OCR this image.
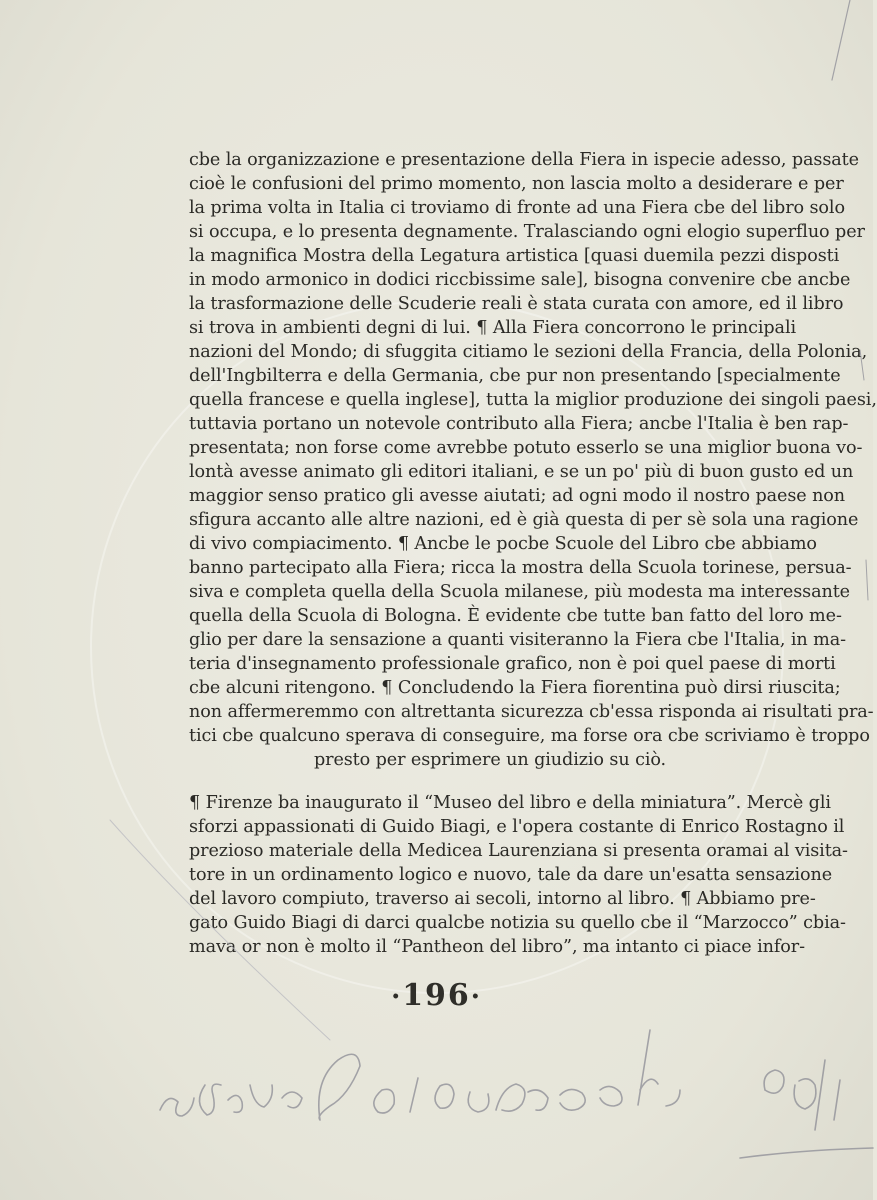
cbe la organizzazione e presentazione della Fiera in ispecie adesso, passate
cioè le confusioni del primo momento, non lascia molto a desiderare e per
la prima volta in Italia ci troviamo di fronte ad una Fiera cbe del libro solo
si occupa, e lo presenta degnamente. Tralasciando ogni elogio superfluo per
la magnifica Mostra della Legatura artistica [quasi duemila pezzi disposti
in modo armonico in dodici riccbissime sale], bisogna convenire cbe ancbe
la trasformazione delle Scuderie reali è stata curata con amore, ed il libro
si trova in ambienti degni di lui. ¶ Alla Fiera concorrono le principali
nazioni del Mondo; di sfuggita citiamo le sezioni della Francia, della Polonia,
dell'Ingbilterra e della Germania, cbe pur non presentando [specialmente
quella francese e quella inglese], tutta la miglior produzione dei singoli paesi,
tuttavia portano un notevole contributo alla Fiera; ancbe l'Italia è ben rap-
presentata; non forse come avrebbe potuto esserlo se una miglior buona vo-
lontà avesse animato gli editori italiani, e se un po' più di buon gusto ed un
maggior senso pratico gli avesse aiutati; ad ogni modo il nostro paese non
sfigura accanto alle altre nazioni, ed è già questa di per sè sola una ragione
di vivo compiacimento. ¶ Ancbe le pocbe Scuole del Libro cbe abbiamo
banno partecipato alla Fiera; ricca la mostra della Scuola torinese, persua-
siva e completa quella della Scuola milanese, più modesta ma interessante
quella della Scuola di Bologna. È evidente cbe tutte ban fatto del loro me-
glio per dare la sensazione a quanti visiteranno la Fiera cbe l'Italia, in ma-
teria d'insegnamento professionale grafico, non è poi quel paese di morti
cbe alcuni ritengono. ¶ Concludendo la Fiera fiorentina può dirsi riuscita;
non affermeremmo con altrettanta sicurezza cb'essa risponda ai risultati pra-
tici cbe qualcuno sperava di conseguire, ma forse ora cbe scriviamo è troppo
presto per esprimere un giudizio su ciò.
¶ Firenze ba inaugurato il “Museo del libro e della miniatura”. Mercè gli
sforzi appassionati di Guido Biagi, e l'opera costante di Enrico Rostagno il
prezioso materiale della Medicea Laurenziana si presenta oramai al visita-
tore in un ordinamento logico e nuovo, tale da dare un'esatta sensazione
del lavoro compiuto, traverso ai secoli, intorno al libro. ¶ Abbiamo pre-
gato Guido Biagi di darci qualcbe notizia su quello cbe il “Marzocco” cbia-
mava or non è molto il “Pantheon del libro”, ma intanto ci piace infor-
•196•
